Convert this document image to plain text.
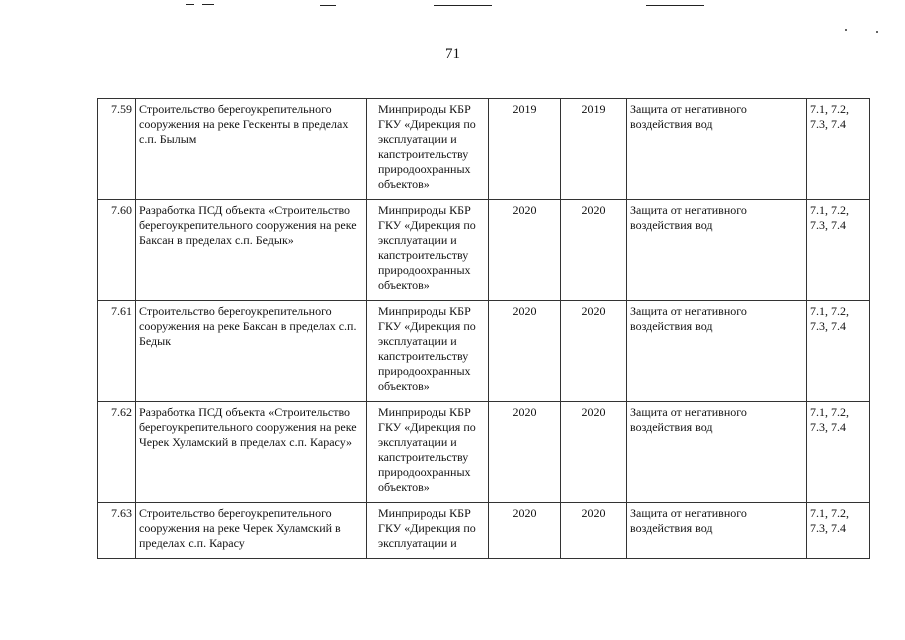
71
7.59	Строительство берегоукрепительного сооружения на реке Гескенты в пределах с.п. Былым	Минприроды КБР ГКУ «Дирекция по эксплуатации и капстроительству природоохранных объектов»	2019	2019	Защита от негативного воздействия вод	7.1, 7.2, 7.3, 7.4
7.60	Разработка ПСД объекта «Строительство берегоукрепительного сооружения на реке Баксан в пределах с.п. Бедык»	Минприроды КБР ГКУ «Дирекция по эксплуатации и капстроительству природоохранных объектов»	2020	2020	Защита от негативного воздействия вод	7.1, 7.2, 7.3, 7.4
7.61	Строительство берегоукрепительного сооружения на реке Баксан в пределах с.п. Бедык	Минприроды КБР ГКУ «Дирекция по эксплуатации и капстроительству природоохранных объектов»	2020	2020	Защита от негативного воздействия вод	7.1, 7.2, 7.3, 7.4
7.62	Разработка ПСД объекта «Строительство берегоукрепительного сооружения на реке Черек Хуламский в пределах с.п. Карасу»	Минприроды КБР ГКУ «Дирекция по эксплуатации и капстроительству природоохранных объектов»	2020	2020	Защита от негативного воздействия вод	7.1, 7.2, 7.3, 7.4
7.63	Строительство берегоукрепительного сооружения на реке Черек Хуламский в пределах с.п. Карасу	Минприроды КБР ГКУ «Дирекция по эксплуатации и	2020	2020	Защита от негативного воздействия вод	7.1, 7.2, 7.3, 7.4
